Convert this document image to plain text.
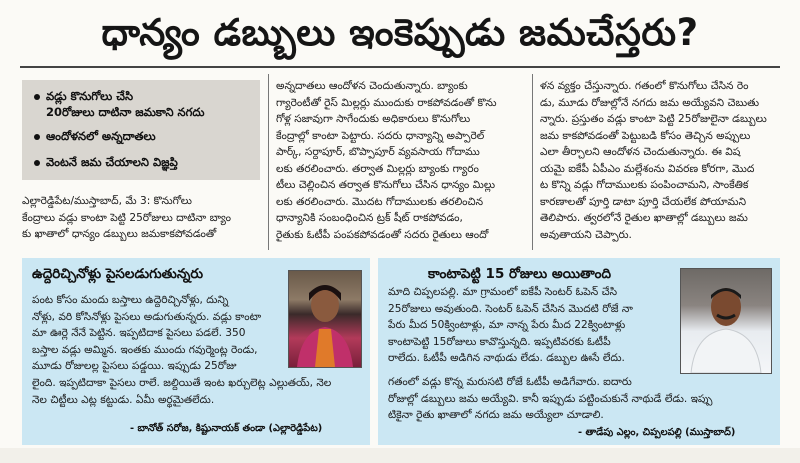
ధాన్యం డబ్బులు ఇంకెప్పుడు జమచేస్తరు?
వడ్లు కొనుగోలు చేసి
20రోజులు దాటినా జమకాని నగదు
ఆందోళనలో అన్నదాతలు
వెంటనే జమ చేయాలని విజ్ఞప్తి

ఎల్లారెడ్డిపేట/ముస్తాబాద్, మే 3: కొనుగోలు

కేంద్రాలు వడ్లు కాంటా పెట్టి 25రోజులు దాటినా బ్యాం

కు ఖాతాలో ధాన్యం డబ్బులు జమకాకపోవడంతో

అన్నదాతలు ఆందోళన చెందుతున్నారు. బ్యాంకు

గ్యారెంటీతో రైస్ మిల్లర్లు ముందుకు రాకపోవడంతో కొను

గోళ్ల సజావుగా సాగేందుకు అధికారులు కొనుగోలు

కేంద్రాల్లో కాంటా పెట్టారు. సదరు ధాన్యాన్ని అప్పారెల్

పార్క్, సర్దాపూర్, బొప్పాపూర్ వ్యవసాయ గోదాము

లకు తరలించారు. తర్వాత మిల్లర్లు బ్యాంకు గ్యారం

టీలు చెల్లించిన తర్వాత కొనుగోలు చేసిన ధాన్యం మిల్లు

లకు తరలించారు. మొదట గోదాములకు తరలించిన

ధాన్యానికి సంబంధించిన ట్రక్ షీట్ రాకపోవడం,

రైతుకు ఓటీపీ పంపకపోవడంతో సదరు రైతులు ఆందో

ళన వ్యక్తం చేస్తున్నారు. గతంలో కొనుగోలు చేసిన రెం

డు, మూడు రోజుల్లోనే నగదు జమ అయ్యేవని చెబుతు

న్నారు. ప్రస్తుతం వడ్లు కాంటా పెట్టి 25రోజులైనా డబ్బులు

జమ కాకపోవడంతో పెట్టుబడి కోసం తెచ్చిన అప్పులు

ఎలా తీర్చాలని ఆందోళన చెందుతున్నారు. ఈ విష

యమై ఐకేపీ ఏపీఎం మల్లేశంను వివరణ కోరగా, మొద

ట కొన్ని వడ్లు గోదాములకు పంపించామని, సాంకేతిక

కారణాలతో పూర్తి డాటా పూర్తి చేయలేక పోయామని

తెలిపారు. త్వరలోనే రైతుల ఖాతాల్లో డబ్బులు జమ

అవుతాయని చెప్పారు.

ఉద్దెరిచ్చినోళ్లు పైసలడుగుతున్నరు

పంట కోసం మందు బస్తాలు ఉద్దెరిచ్చినోళ్లు, దున్ని

నోళ్లు, వరి కోసినోళ్లు పైసలు అడుగుతున్నరు. వడ్లు కాంటా

మా ఊర్లె నేనే పెట్టిన. ఇప్పటిదాక పైసలు పడలే. 350

బస్తాల వడ్లు అమ్మిన. ఇంతకు ముందు గవుర్మెంట్ల రెండు,

మూడు రోజులల్ల పైసలు పడ్డయి. ఇప్పుడు 25రోజు

లైంది. ఇప్పటిదాకా పైసలు రాలే. జల్దియితే ఇంట ఖర్చులెట్ల ఎల్లుతయ్, నెల

నెల చిట్టీలు ఎట్ల కట్టుడు. ఏమీ అర్థమైతలేదు.

- బానోత్ సరోజ, కిష్టునాయక్ తండా (ఎల్లారెడ్డిపేట)
కాంటాపెట్టి 15 రోజులు అయితాంది

మాది చిప్పలపల్లి. మా గ్రామంలో ఐకేపీ సెంటర్ ఓపెన్ చేసి

25రోజులు అవుతుంది. సెంటర్ ఓపెన్ చేసిన మొదటి రోజే నా

పేరు మీద 50క్వింటాళ్లు, మా నాన్న పేరు మీద 22క్వింటాళ్లు

కాంటాపెట్టి 15రోజులు కావొస్తున్నది. ఇప్పటివరకు ఓటీపీ

రాలేదు. ఓటీపీ అడిగిన నాథుడు లేడు. డబ్బుల ఊసే లేదు.

గతంలో వడ్లు కొన్న మరుసటి రోజే ఓటీపీ అడిగేవారు. ఐదారు

రోజుల్లో డబ్బులు జమ అయ్యేవి. కానీ ఇప్పుడు పట్టించుకునే నాథుడే లేడు. ఇప్పు

టికైనా రైతు ఖాతాలో నగదు జమ అయ్యేలా చూడాలి.

- తాడేపు ఎల్లం, చిప్పలపల్లి (ముస్తాబాద్)
